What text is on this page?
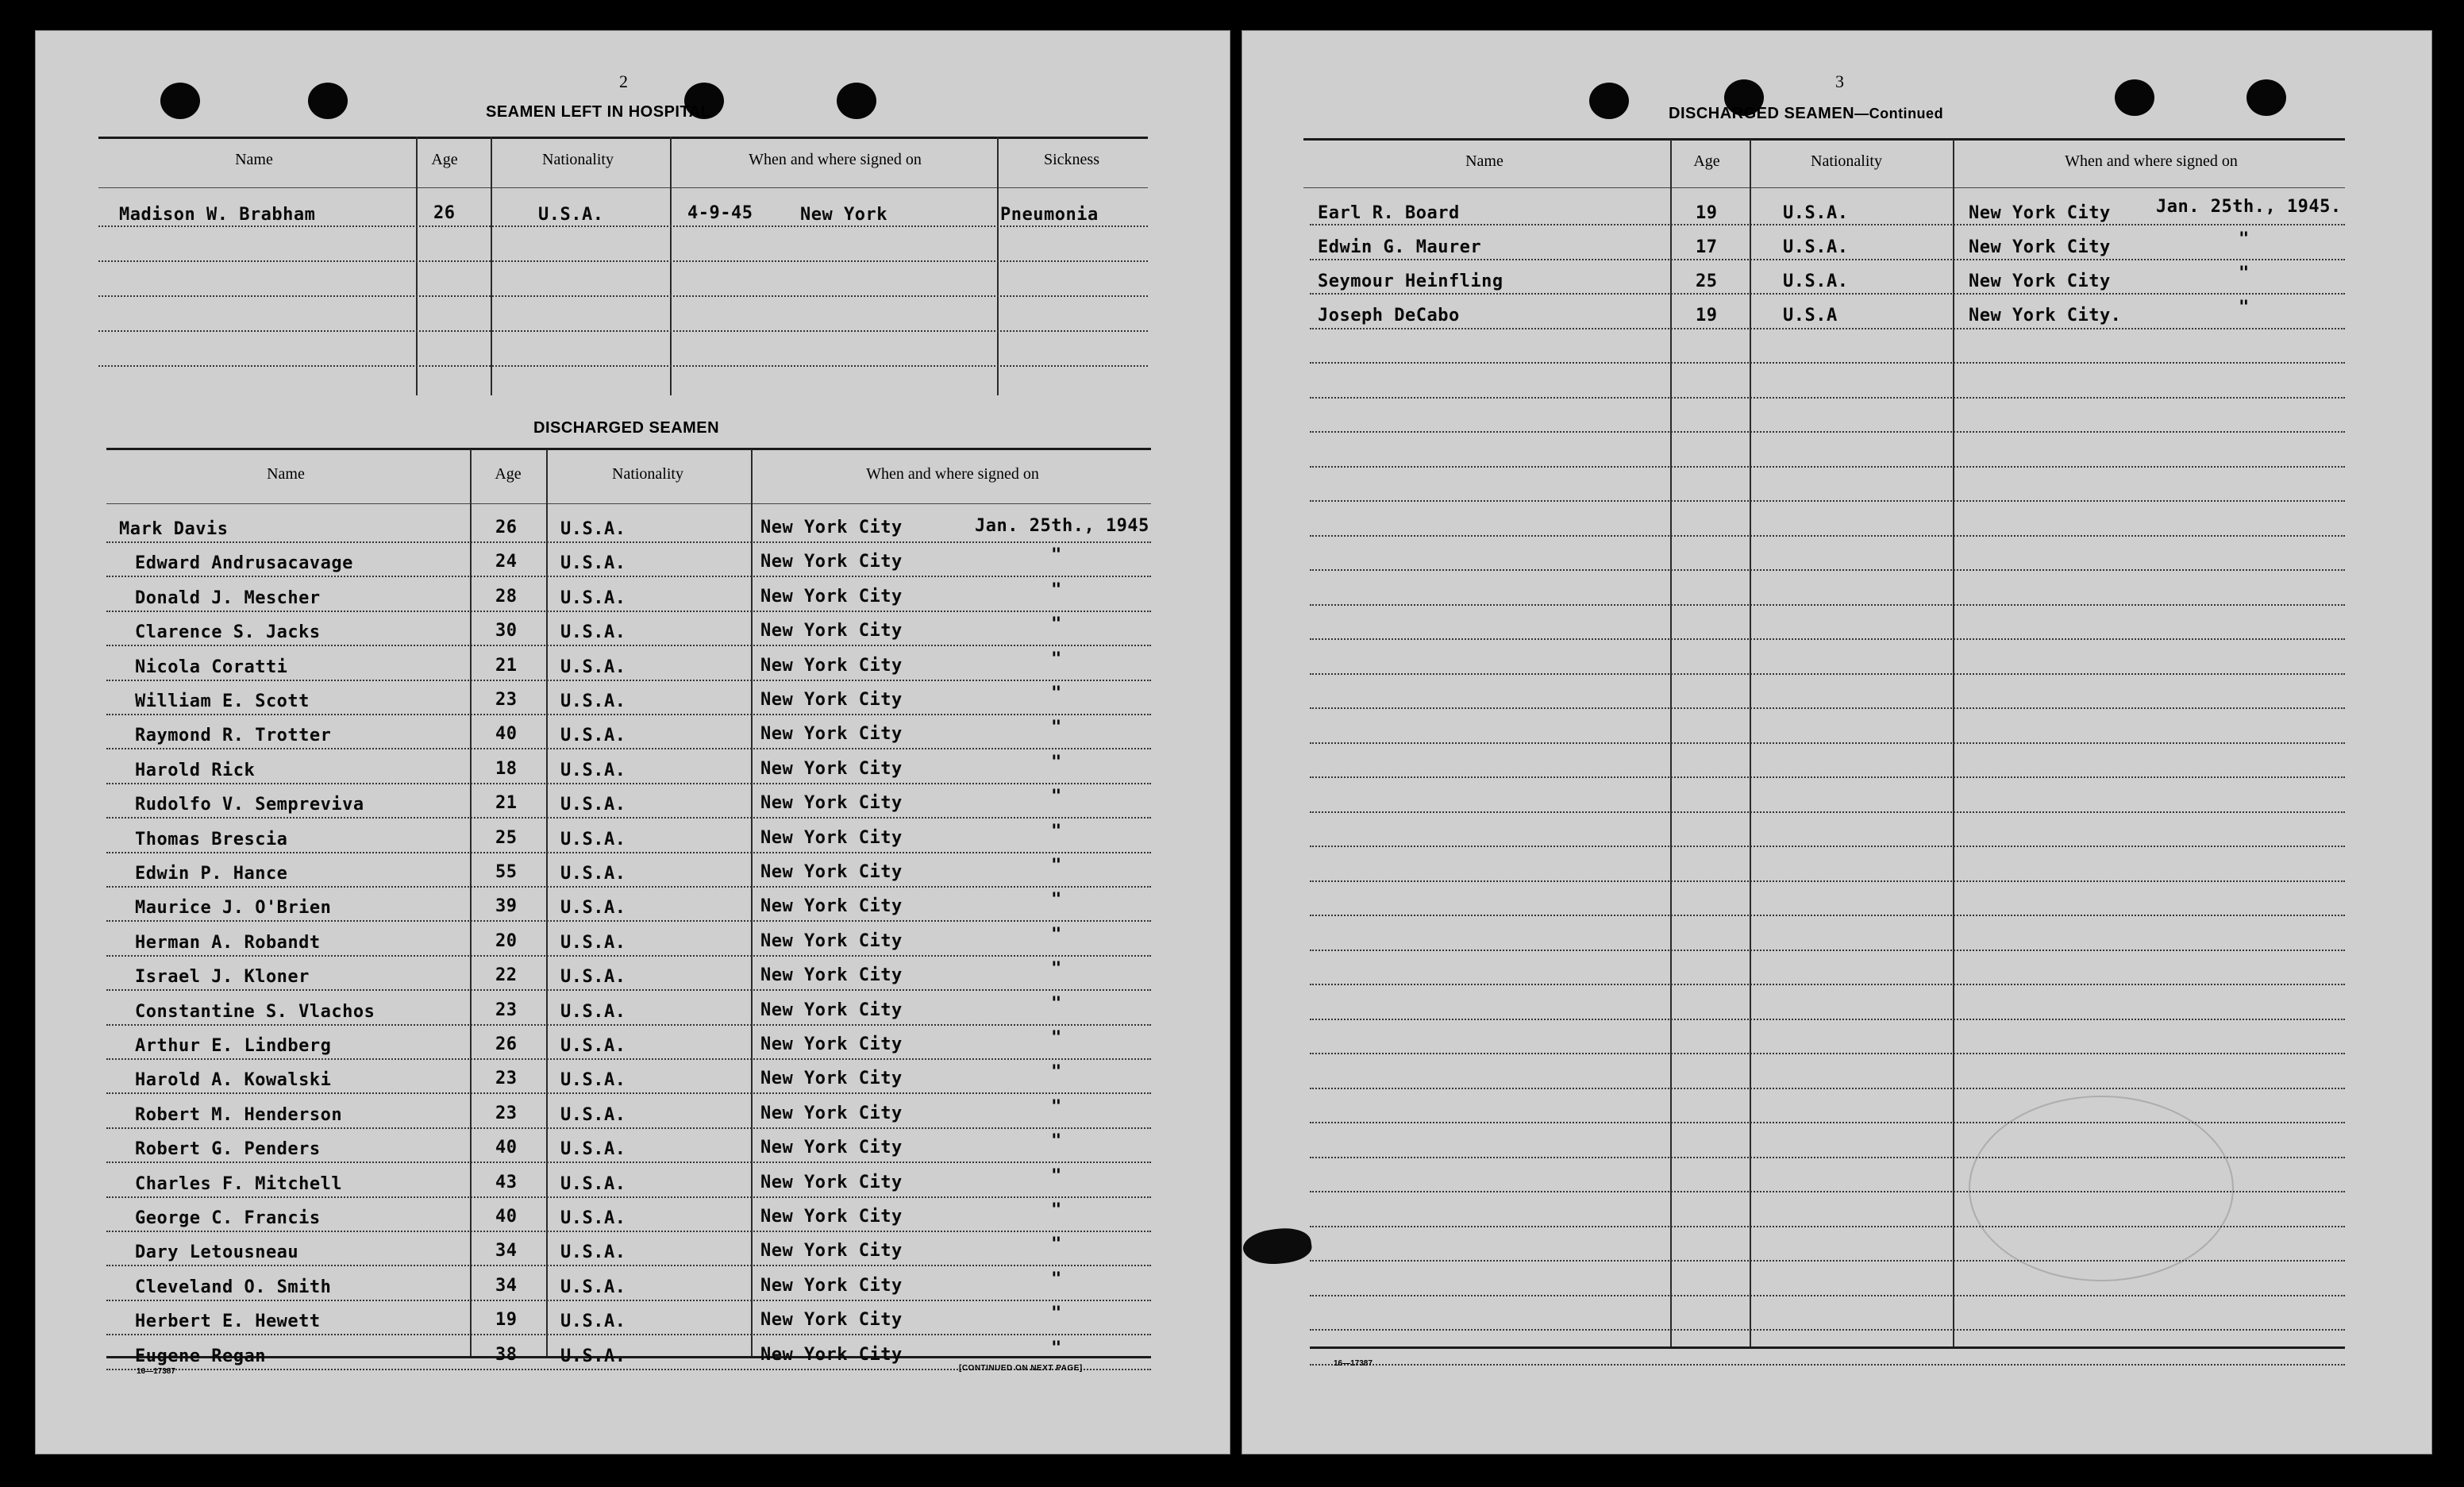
2
SEAMEN LEFT IN HOSPITAL
Name	Age	Nationality	When and where signed on	Sickness
Madison W. Brabham	26	U.S.A.	4-9-45	New York	Pneumonia
DISCHARGED SEAMEN
Name	Age	Nationality	When and where signed on
Mark Davis	26 U.S.A.	New York City	Jan. 25th., 1945
Edward Andrusacavage	24 U.S.A.	New York City	"
Donald J. Mescher	28 U.S.A.	New York City	"
Clarence S. Jacks	30 U.S.A.	New York City	"
Nicola Coratti	21 U.S.A.	New York City	"
William E. Scott	23 U.S.A.	New York City	"
Raymond R. Trotter	40 U.S.A.	New York City	"
Harold Rick	18 U.S.A.	New York City	"
Rudolfo V. Sempreviva	21 U.S.A.	New York City	"
Thomas Brescia	25 U.S.A.	New York City	"
Edwin P. Hance	55 U.S.A.	New York City	"
Maurice J. O'Brien	39 U.S.A.	New York City	"
Herman A. Robandt	20 U.S.A.	New York City	"
Israel J. Kloner	22 U.S.A.	New York City	"
Constantine S. Vlachos	23 U.S.A.	New York City	"
Arthur E. Lindberg	26 U.S.A.	New York City	"
Harold A. Kowalski	23 U.S.A.	New York City	"
Robert M. Henderson	23 U.S.A.	New York City	"
Robert G. Penders	40 U.S.A.	New York City	"
Charles F. Mitchell	43 U.S.A.	New York City	"
George C. Francis	40 U.S.A.	New York City	"
Dary Letousneau	34 U.S.A.	New York City	"
Cleveland O. Smith	34 U.S.A.	New York City	"
Herbert E. Hewett	19 U.S.A.	New York City	"
Eugene Regan	38 U.S.A.	New York City	"
16—17387	[CONTINUED ON NEXT PAGE]
3
DISCHARGED SEAMEN—Continued
Name	Age	Nationality	When and where signed on
Earl R. Board	19	U.S.A.	New York City	Jan. 25th., 1945.
Edwin G. Maurer	17	U.S.A.	New York City	"
Seymour Heinfling	25	U.S.A.	New York City	"
Joseph DeCabo	19	U.S.A	New York City.	"
16—17387
